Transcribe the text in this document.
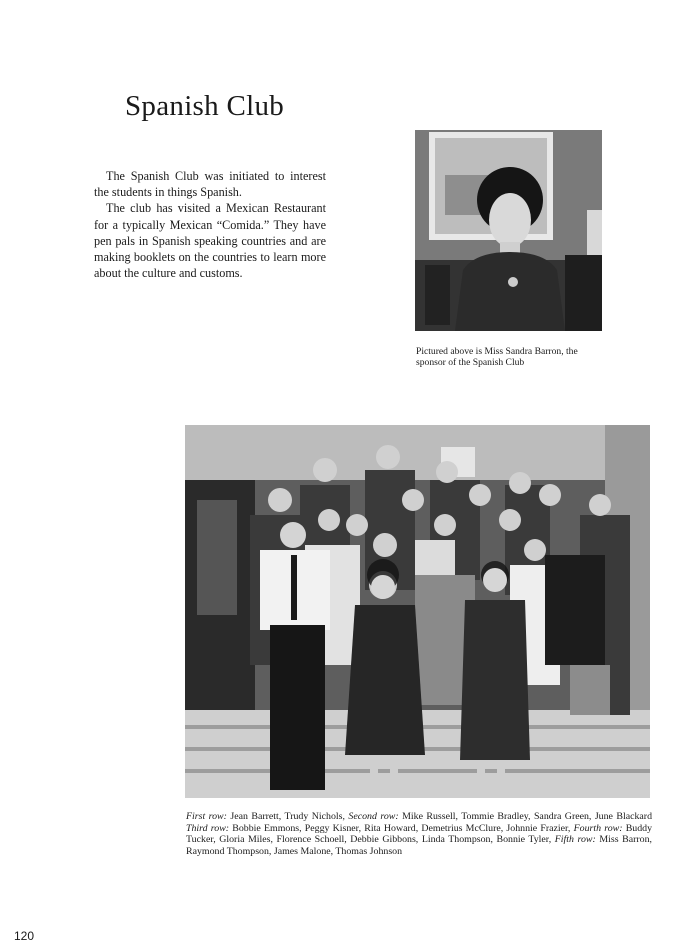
Spanish Club

The Spanish Club was initiated to interest the students in things Spanish.

The club has visited a Mexican Restaurant for a typically Mexican “Comida.” They have pen pals in Spanish speaking countries and are making booklets on the countries to learn more about the culture and customs.

Pictured above is Miss Sandra Barron, the sponsor of the Spanish Club

First row: Jean Barrett, Trudy Nichols, Second row: Mike Russell, Tommie Bradley, Sandra Green, June Blackard Third row: Bobbie Emmons, Peggy Kisner, Rita Howard, Demetrius McClure, Johnnie Frazier, Fourth row: Buddy Tucker, Gloria Miles, Florence Schoell, Debbie Gibbons, Linda Thompson, Bonnie Tyler, Fifth row: Miss Barron, Raymond Thompson, James Malone, Thomas Johnson

120
